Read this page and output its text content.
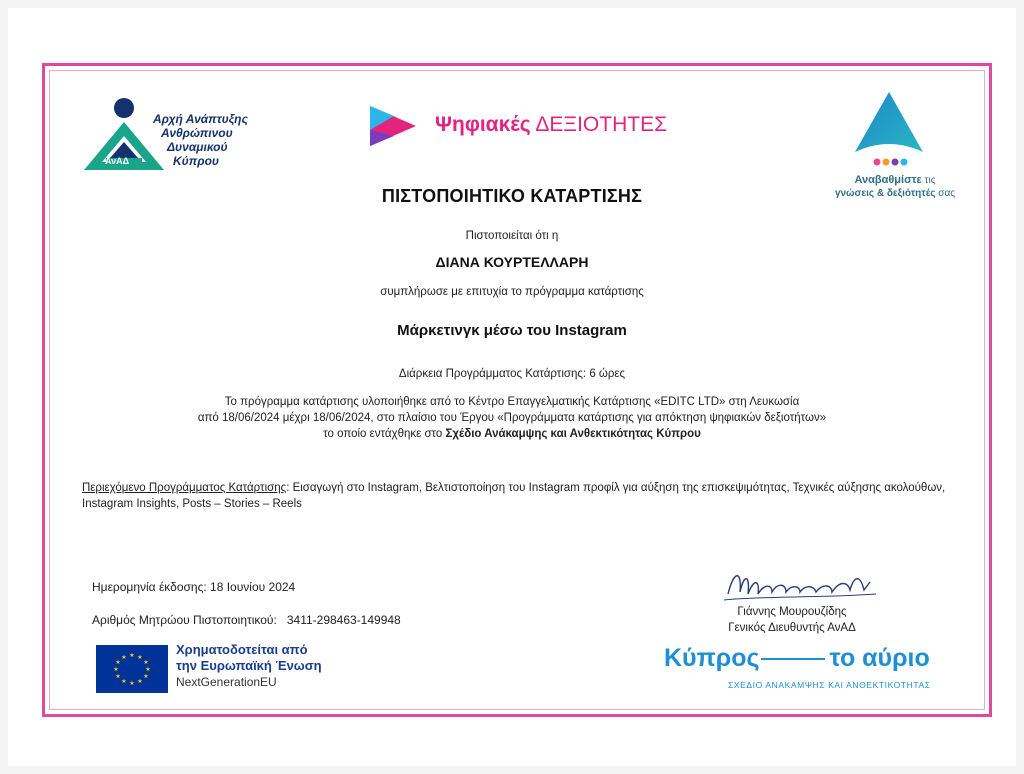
ΑνΑΔ
Αρχή Ανάπτυξης
Ανθρώπινου
Δυναμικού
Κύπρου
Ψηφιακές ΔΕΞΙΟΤΗΤΕΣ
Αναβαθμίστε τις
γνώσεις & δεξιότητές σας
ΠΙΣΤΟΠΟΙΗΤΙΚΟ ΚΑΤΑΡΤΙΣΗΣ
Πιστοποιείται ότι η
ΔΙΑΝΑ ΚΟΥΡΤΕΛΛΑΡΗ
συμπλήρωσε με επιτυχία το πρόγραμμα κατάρτισης
Μάρκετινγκ μέσω του Instagram
Διάρκεια Προγράμματος Κατάρτισης: 6 ώρες
Το πρόγραμμα κατάρτισης υλοποιήθηκε από το Κέντρο Επαγγελματικής Κατάρτισης «EDITC LTD» στη Λευκωσία
από 18/06/2024 μέχρι 18/06/2024, στο πλαίσιο του Έργου «Προγράμματα κατάρτισης για απόκτηση ψηφιακών δεξιοτήτων»
το οποίο εντάχθηκε στο Σχέδιο Ανάκαμψης και Ανθεκτικότητας Κύπρου
Περιεχόμενο Προγράμματος Κατάρτισης: Εισαγωγή στο Instagram, Βελτιστοποίηση του Instagram προφίλ για αύξηση της επισκεψιμότητας, Τεχνικές αύξησης ακολούθων, Instagram Insights, Posts – Stories – Reels
Ημερομηνία έκδοσης: 18 Ιουνίου 2024
Αριθμός Μητρώου Πιστοποιητικού: 3411-298463-149948
Γιάννης Μουρουζίδης
Γενικός Διευθυντής ΑνΑΔ
★ ★
★
★
★
★
★
★
★
★
★
★
Χρηματοδοτείται από
την Ευρωπαϊκή Ένωση
NextGenerationEU
Κύπρος	το αύριο
ΣΧΕΔΙΟ ΑΝΑΚΑΜΨΗΣ ΚΑΙ ΑΝΘΕΚΤΙΚΟΤΗΤΑΣ
